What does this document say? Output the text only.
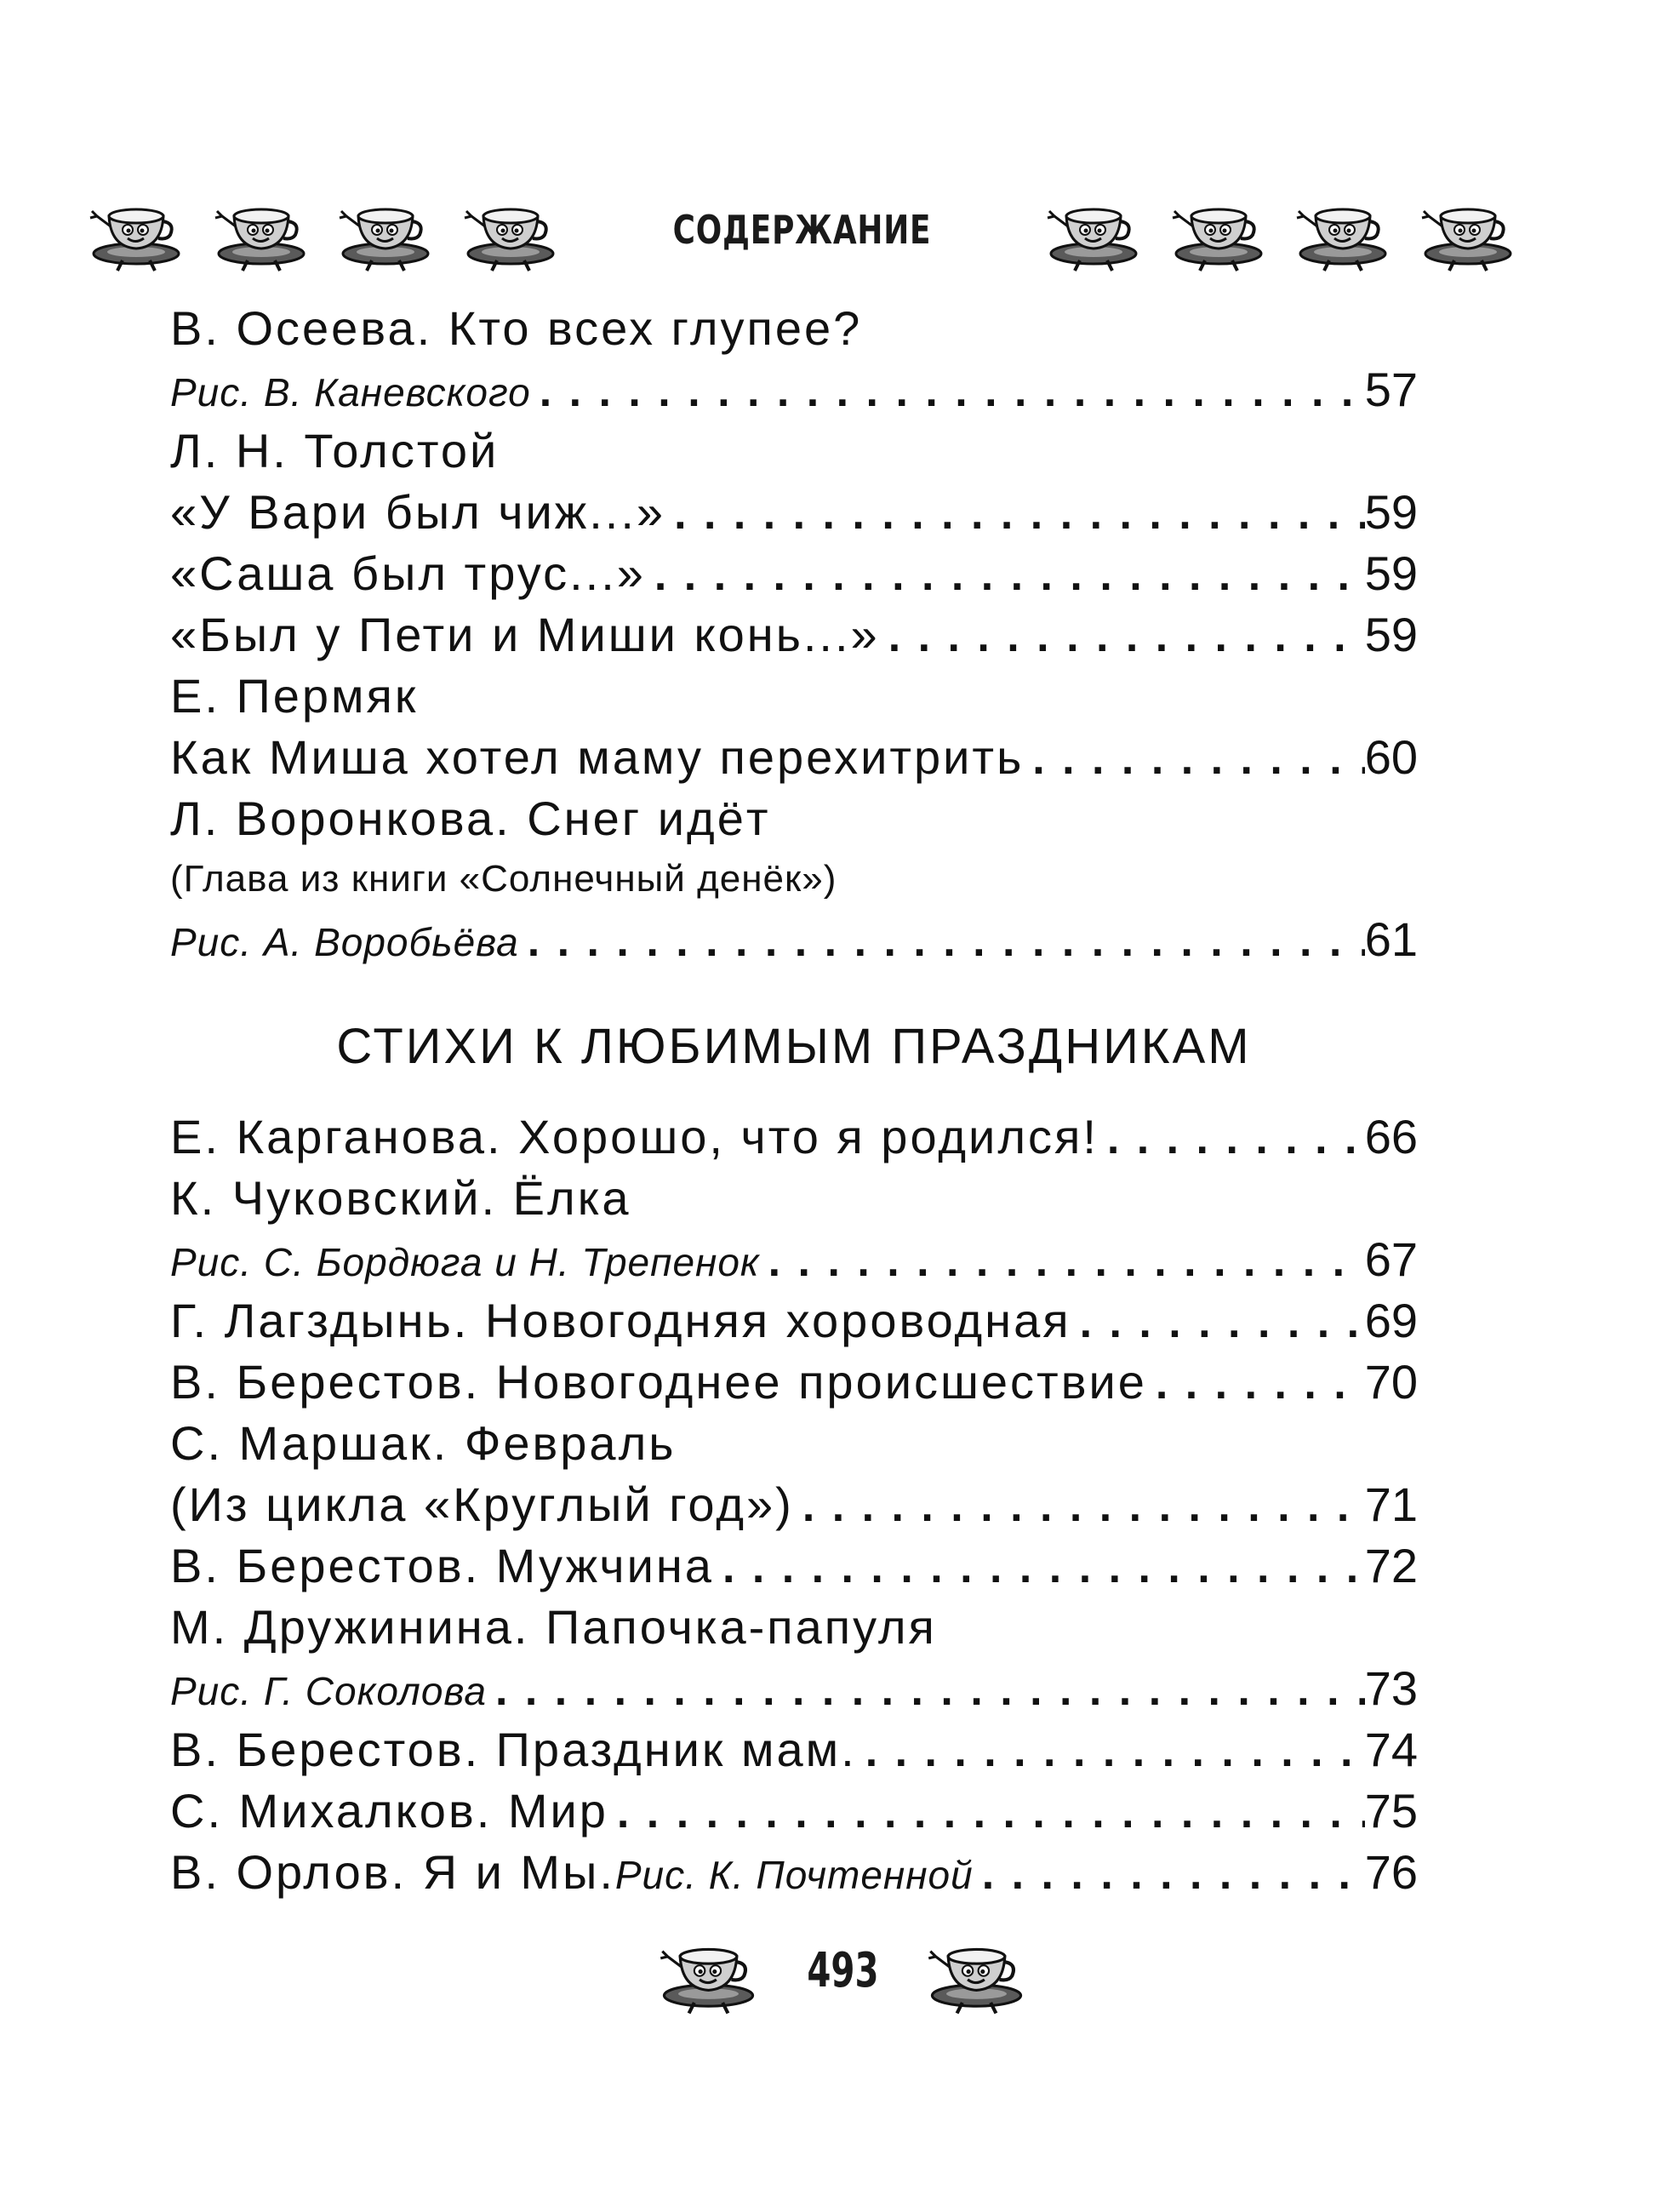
СОДЕРЖАНИЕ
В. Осеева. Кто всех глупее?
Рис. В. Каневского . . .	57
Л. Н. Толстой
«У Вари был чиж...» . . .	59
«Саша был трус...» . . .	59
«Был у Пети и Миши конь...» . . .	59
Е. Пермяк
Как Миша хотел маму перехитрить . . .	60
Л. Воронкова. Снег идёт
(Глава из книги «Солнечный денёк»)
Рис. А. Воробьёва . . .	61
СТИХИ К ЛЮБИМЫМ ПРАЗДНИКАМ
Е. Карганова. Хорошо, что я родился! . . .	66
К. Чуковский. Ёлка
Рис. С. Бордюга и Н. Трепенок . . .	67
Г. Лагздынь. Новогодняя хороводная . . .	69
В. Берестов. Новогоднее происшествие . . .	70
С. Маршак. Февраль
(Из цикла «Круглый год») . . .	71
В. Берестов. Мужчина . . .	72
М. Дружинина. Папочка-папуля
Рис. Г. Соколова . . .	73
В. Берестов. Праздник мам. . . .	74
С. Михалков. Мир . . .	75
В. Орлов. Я и Мы. Рис. К. Почтенной . . .	76
493
